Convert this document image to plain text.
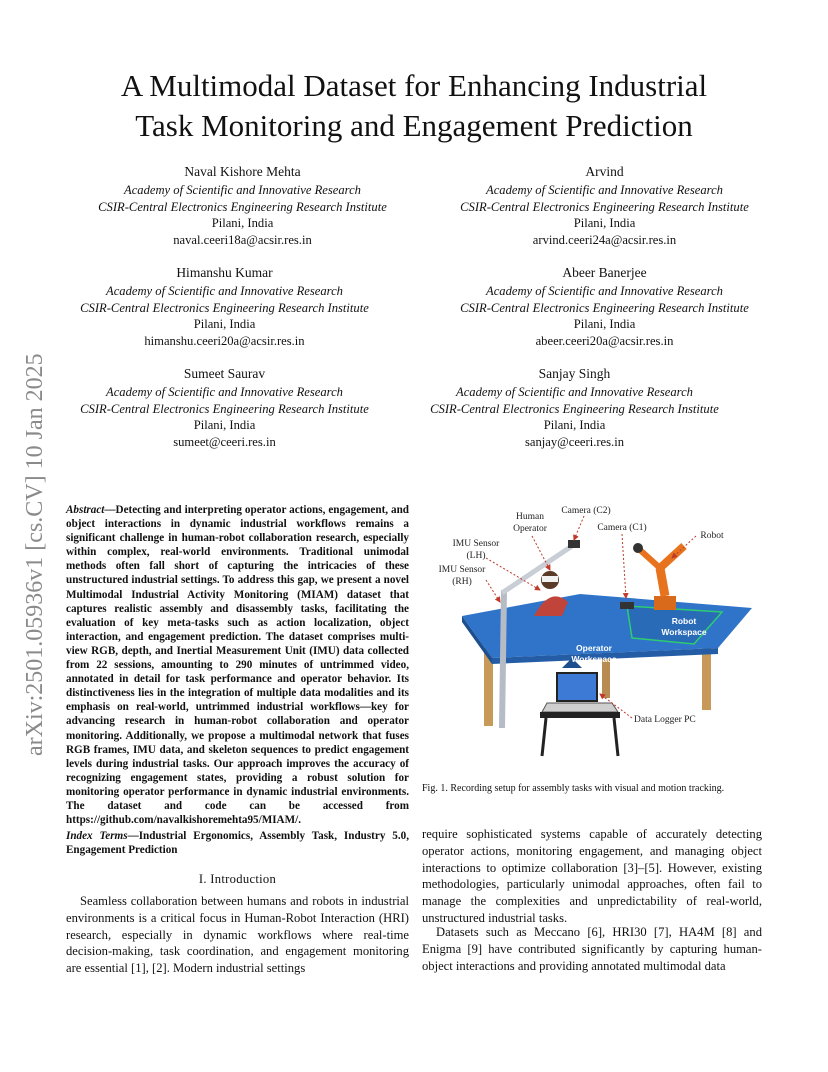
arXiv:2501.05936v1 [cs.CV] 10 Jan 2025
A Multimodal Dataset for Enhancing Industrial
Task Monitoring and Engagement Prediction
Naval Kishore Mehta
Academy of Scientific and Innovative Research
CSIR-Central Electronics Engineering Research Institute
Pilani, India
naval.ceeri18a@acsir.res.in
Arvind
Academy of Scientific and Innovative Research
CSIR-Central Electronics Engineering Research Institute
Pilani, India
arvind.ceeri24a@acsir.res.in
Himanshu Kumar
Academy of Scientific and Innovative Research
CSIR-Central Electronics Engineering Research Institute
Pilani, India
himanshu.ceeri20a@acsir.res.in
Abeer Banerjee
Academy of Scientific and Innovative Research
CSIR-Central Electronics Engineering Research Institute
Pilani, India
abeer.ceeri20a@acsir.res.in
Sumeet Saurav
Academy of Scientific and Innovative Research
CSIR-Central Electronics Engineering Research Institute
Pilani, India
sumeet@ceeri.res.in
Sanjay Singh
Academy of Scientific and Innovative Research
CSIR-Central Electronics Engineering Research Institute
Pilani, India
sanjay@ceeri.res.in
Abstract—Detecting and interpreting operator actions, engagement, and object interactions in dynamic industrial workflows remains a significant challenge in human-robot collaboration research, especially within complex, real-world environments. Traditional unimodal methods often fall short of capturing the intricacies of these unstructured industrial settings. To address this gap, we present a novel Multimodal Industrial Activity Monitoring (MIAM) dataset that captures realistic assembly and disassembly tasks, facilitating the evaluation of key meta-tasks such as action localization, object interaction, and engagement prediction. The dataset comprises multi-view RGB, depth, and Inertial Measurement Unit (IMU) data collected from 22 sessions, amounting to 290 minutes of untrimmed video, annotated in detail for task performance and operator behavior. Its distinctiveness lies in the integration of multiple data modalities and its emphasis on real-world, untrimmed industrial workflows—key for advancing research in human-robot collaboration and operator monitoring. Additionally, we propose a multimodal network that fuses RGB frames, IMU data, and skeleton sequences to predict engagement levels during industrial tasks. Our approach improves the accuracy of recognizing engagement states, providing a robust solution for monitoring operator performance in dynamic industrial environments. The dataset and code can be accessed from https://github.com/navalkishoremehta95/MIAM/.
Index Terms—Industrial Ergonomics, Assembly Task, Industry 5.0, Engagement Prediction
I. Introduction
Seamless collaboration between humans and robots in industrial environments is a critical focus in Human-Robot Interaction (HRI) research, especially in dynamic workflows where real-time decision-making, task coordination, and engagement monitoring are essential [1], [2]. Modern industrial settings
require sophisticated systems capable of accurately detecting operator actions, monitoring engagement, and managing object interactions to optimize collaboration [3]–[5]. However, existing methodologies, particularly unimodal approaches, often fail to manage the complexities and unpredictability of real-world, unstructured industrial tasks.
Datasets such as Meccano [6], HRI30 [7], HA4M [8] and Enigma [9] have contributed significantly by capturing human-object interactions and providing annotated multimodal data
Human
Operator
Camera (C2)
Camera (C1)
Robot
IMU Sensor
(LH)
IMU Sensor
(RH)
Robot
Workspace
Operator
Workspace
Data Logger PC
Fig. 1. Recording setup for assembly tasks with visual and motion tracking.
